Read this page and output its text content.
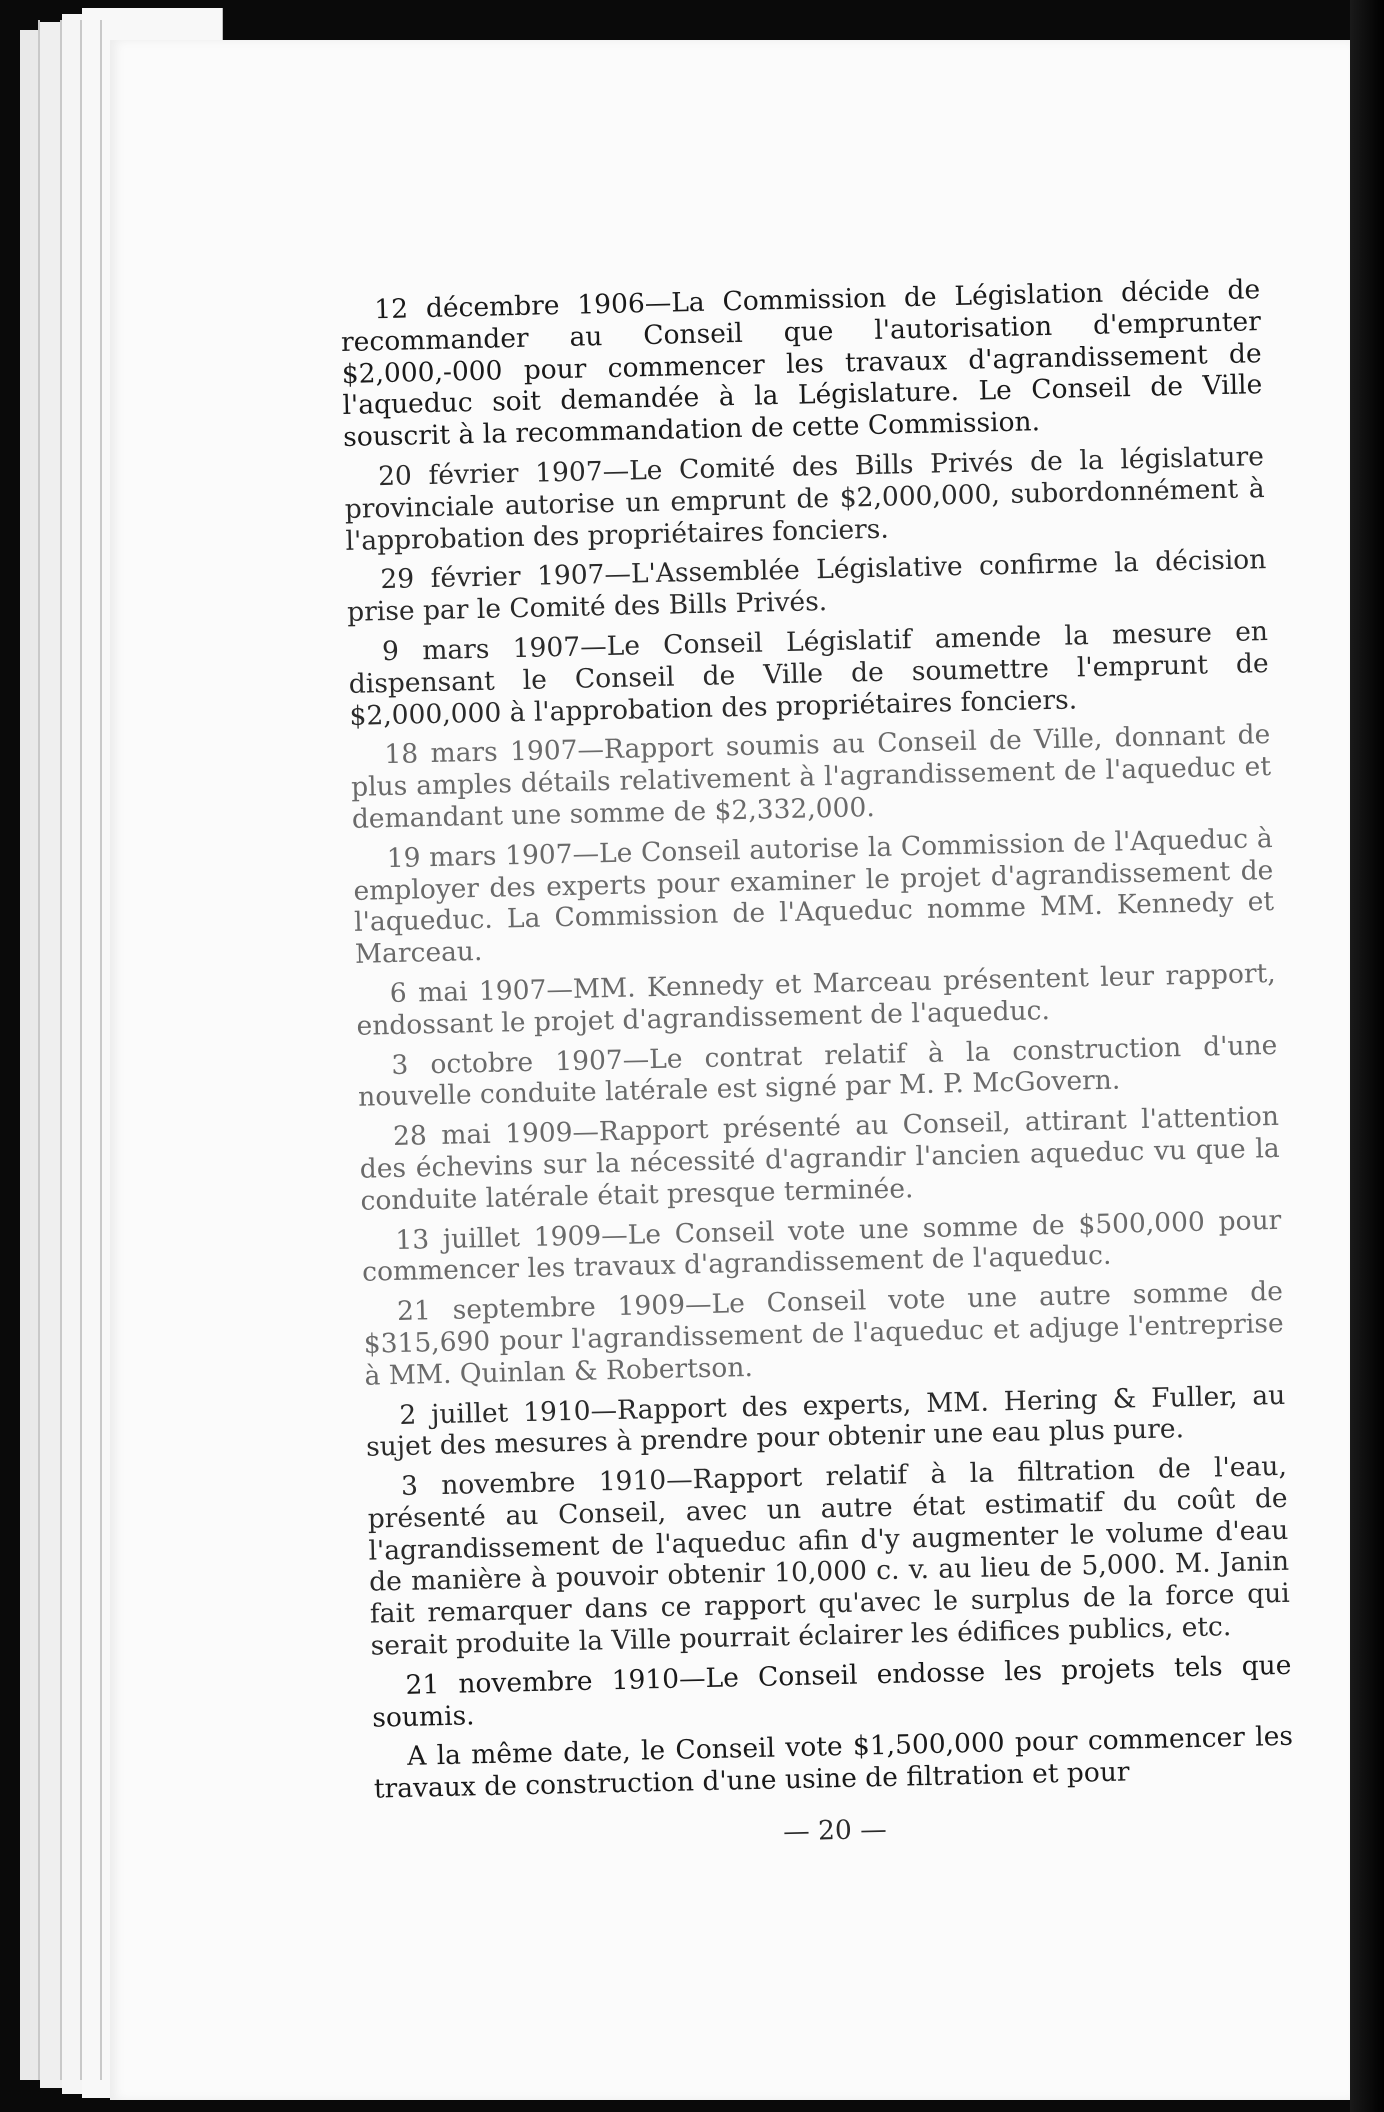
12 décembre 1906—La Commission de Législation décide de recommander au Conseil que l'autorisation d'emprunter $2,000,-000 pour commencer les travaux d'agrandissement de l'aqueduc soit demandée à la Législature. Le Conseil de Ville souscrit à la recommandation de cette Commission.

20 février 1907—Le Comité des Bills Privés de la législature provinciale autorise un emprunt de $2,000,000, subordonnément à l'approbation des propriétaires fonciers.

29 février 1907—L'Assemblée Législative confirme la décision prise par le Comité des Bills Privés.

9 mars 1907—Le Conseil Législatif amende la mesure en dispensant le Conseil de Ville de soumettre l'emprunt de $2,000,000 à l'approbation des propriétaires fonciers.

18 mars 1907—Rapport soumis au Conseil de Ville, donnant de plus amples détails relativement à l'agrandissement de l'aqueduc et demandant une somme de $2,332,000.

19 mars 1907—Le Conseil autorise la Commission de l'Aqueduc à employer des experts pour examiner le projet d'agrandissement de l'aqueduc. La Commission de l'Aqueduc nomme MM. Kennedy et Marceau.

6 mai 1907—MM. Kennedy et Marceau présentent leur rapport, endossant le projet d'agrandissement de l'aqueduc.

3 octobre 1907—Le contrat relatif à la construction d'une nouvelle conduite latérale est signé par M. P. McGovern.

28 mai 1909—Rapport présenté au Conseil, attirant l'attention des échevins sur la nécessité d'agrandir l'ancien aqueduc vu que la conduite latérale était presque terminée.

13 juillet 1909—Le Conseil vote une somme de $500,000 pour commencer les travaux d'agrandissement de l'aqueduc.

21 septembre 1909—Le Conseil vote une autre somme de $315,690 pour l'agrandissement de l'aqueduc et adjuge l'entreprise à MM. Quinlan & Robertson.

2 juillet 1910—Rapport des experts, MM. Hering & Fuller, au sujet des mesures à prendre pour obtenir une eau plus pure.

3 novembre 1910—Rapport relatif à la filtration de l'eau, présenté au Conseil, avec un autre état estimatif du coût de l'agrandissement de l'aqueduc afin d'y augmenter le volume d'eau de manière à pouvoir obtenir 10,000 c. v. au lieu de 5,000. M. Janin fait remarquer dans ce rapport qu'avec le surplus de la force qui serait produite la Ville pourrait éclairer les édifices publics, etc.

21 novembre 1910—Le Conseil endosse les projets tels que soumis.

A la même date, le Conseil vote $1,500,000 pour commencer les travaux de construction d'une usine de filtration et pour

— 20 —
